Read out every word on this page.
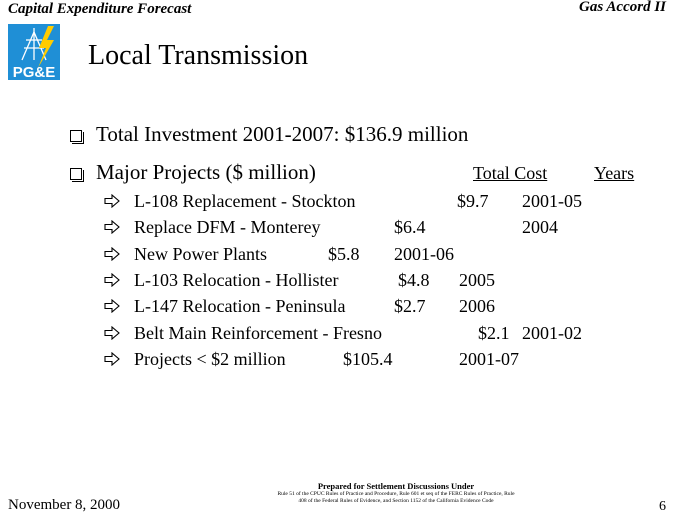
Capital Expenditure Forecast	Gas Accord II
PG&E
Local Transmission
Total Investment 2001-2007: $136.9 million
Major Projects ($ million)	Total Cost	Years
L-108 Replacement - Stockton	$9.7 2001-05
Replace DFM - Monterey	$6.4	2004
New Power Plants	$5.8 2001-06
L-103 Relocation - Hollister	$4.8 2005
L-147 Relocation - Peninsula	$2.7 2006
Belt Main Reinforcement - Fresno	$2.1 2001-02
Projects < $2 million	$105.4	2001-07
Prepared for Settlement Discussions Under
Rule 51 of the CPUC Rules of Practice and Procedure, Rule 601 et seq of the FERC Rules of Practice, Rule 408 of the Federal Rules of Evidence, and Section 1152 of the California Evidence Code
November 8, 2000	6
